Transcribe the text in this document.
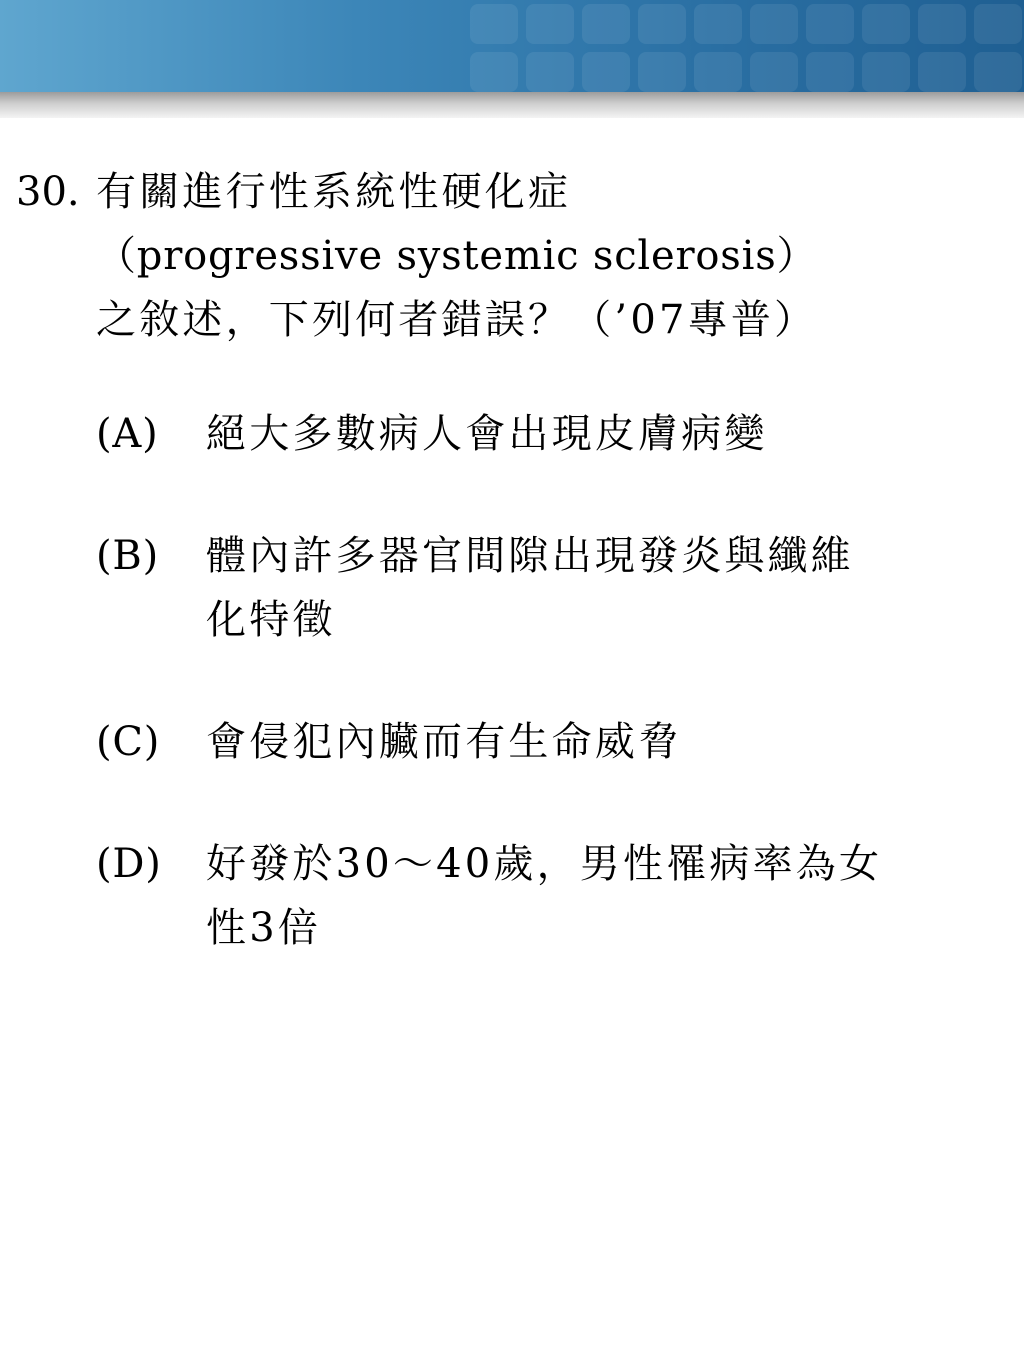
30. 有關進行性系統性硬化症
（progressive systemic sclerosis）
之敘述，下列何者錯誤？（’07專普）
(A)	絕大多數病人會出現皮膚病變
(B)	體內許多器官間隙出現發炎與纖維
化特徵
(C)	會侵犯內臟而有生命威脅
(D)	好發於30～40歲，男性罹病率為女
性3倍
